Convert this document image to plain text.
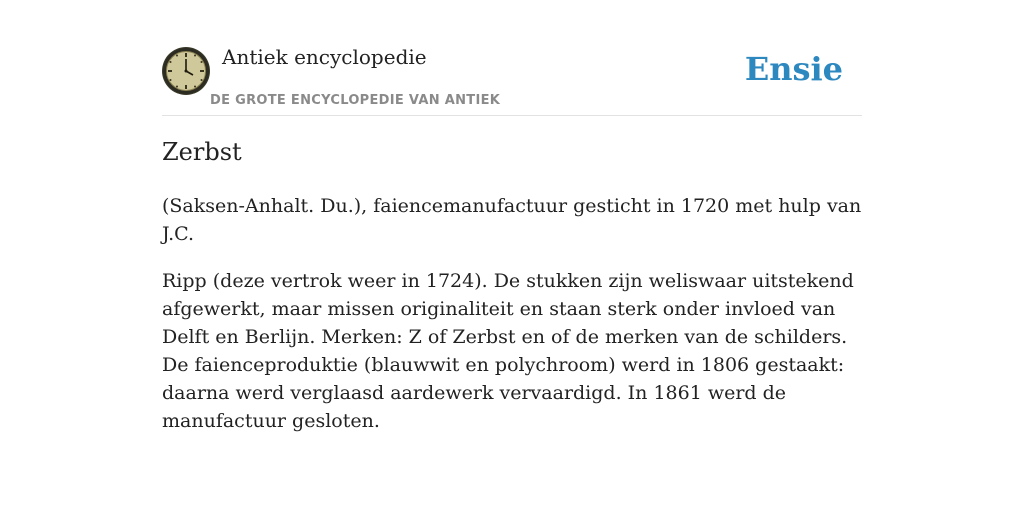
Antiek encyclopedie
DE GROTE ENCYCLOPEDIE VAN ANTIEK
Ensie
Zerbst

(Saksen-Anhalt. Du.), faiencemanufactuur gesticht in 1720 met hulp van J.C.

Ripp (deze vertrok weer in 1724). De stukken zijn weliswaar uitstekend afgewerkt, maar missen originaliteit en staan sterk onder invloed van Delft en Berlijn. Merken: Z of Zerbst en of de merken van de schilders. De faienceproduktie (blauwwit en polychroom) werd in 1806 gestaakt: daarna werd verglaasd aardewerk vervaardigd. In 1861 werd de manufactuur gesloten.
